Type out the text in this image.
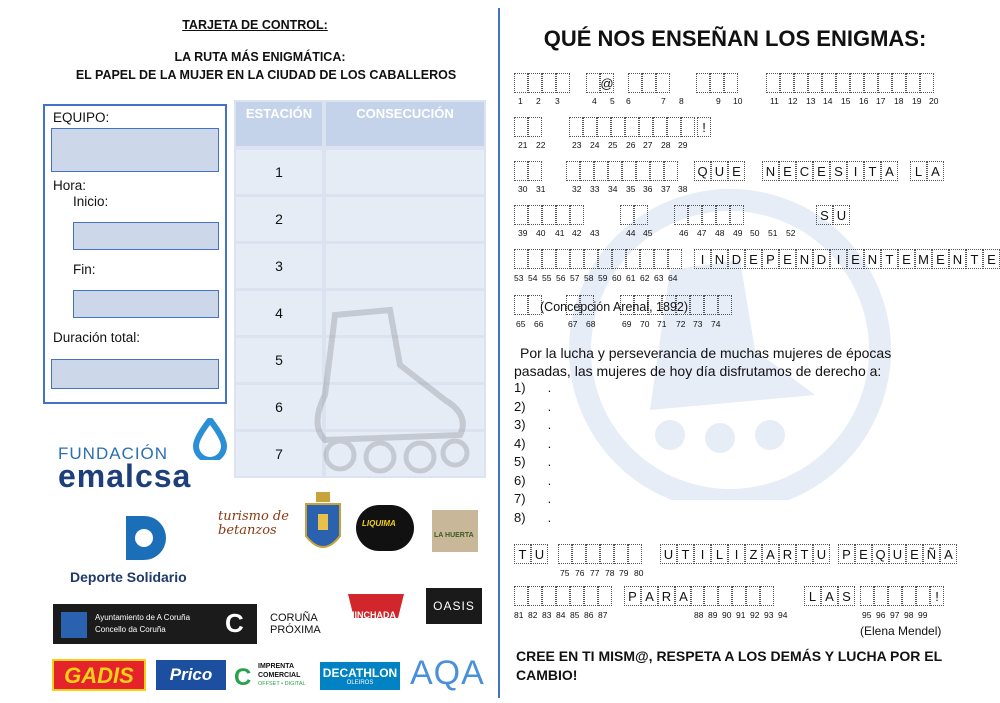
TARJETA DE CONTROL:
LA RUTA MÁS ENIGMÁTICA:
EL PAPEL DE LA MUJER EN LA CIUDAD DE LOS CABALLEROS
EQUIPO:
Hora:
Inicio:
Fin:
Duración total:
ESTACIÓN	CONSECUCIÓN
1
2
3
4
5
6
7
FUNDACIÓN
emalcsa
Deporte Solidario
turismo de betanzos	LIQUIMA
LA HUERTA
HINCHADA
OASIS
Ayuntamiento de A Coruña
Concello da Coruña C CORUÑA
PRÓXIMA
GADIS	Prico C IMPRENTA
COMERCIAL
OFFSET • DIGITAL
DECATHLON
OLEIROS	AQA
QUÉ NOS ENSEÑAN LOS ENIGMAS:
@
1 2 3	4 5 6	7 8	9 10	11 12 13 14 15 16 17 18 19 20
!
21 22	23 24 25 26 27 28 29
Q U E	N E C E S I T A	L A
30 31	32 33 34 35 36 37 38
S U
39 40 41 42 43	44 45	46 47 48 49 50 51 52
I N D E P E N D I E N T E M E N T E
53 54 55 56 57 58 59 60 61 62 63 64
65 66	67 68	69 70 71 72 73 74
T U	U T I L I Z A R T U	P E Q U E Ñ A
75 76 77 78 79 80
P A R A	L A S	!
81 82 83 84 85 86 87	88 89 90 91 92 93 94	95 96 97 98 99
(Concepción Arenal, 1892)
Por la lucha y perseverancia de muchas mujeres de épocas pasadas, las mujeres de hoy día disfrutamos de derecho a:
1) .
2) .
3) .
4) .
5) .
6) .
7) .
8) .
(Elena Mendel)
CREE EN TI MISM@, RESPETA A LOS DEMÁS Y LUCHA POR EL CAMBIO!
